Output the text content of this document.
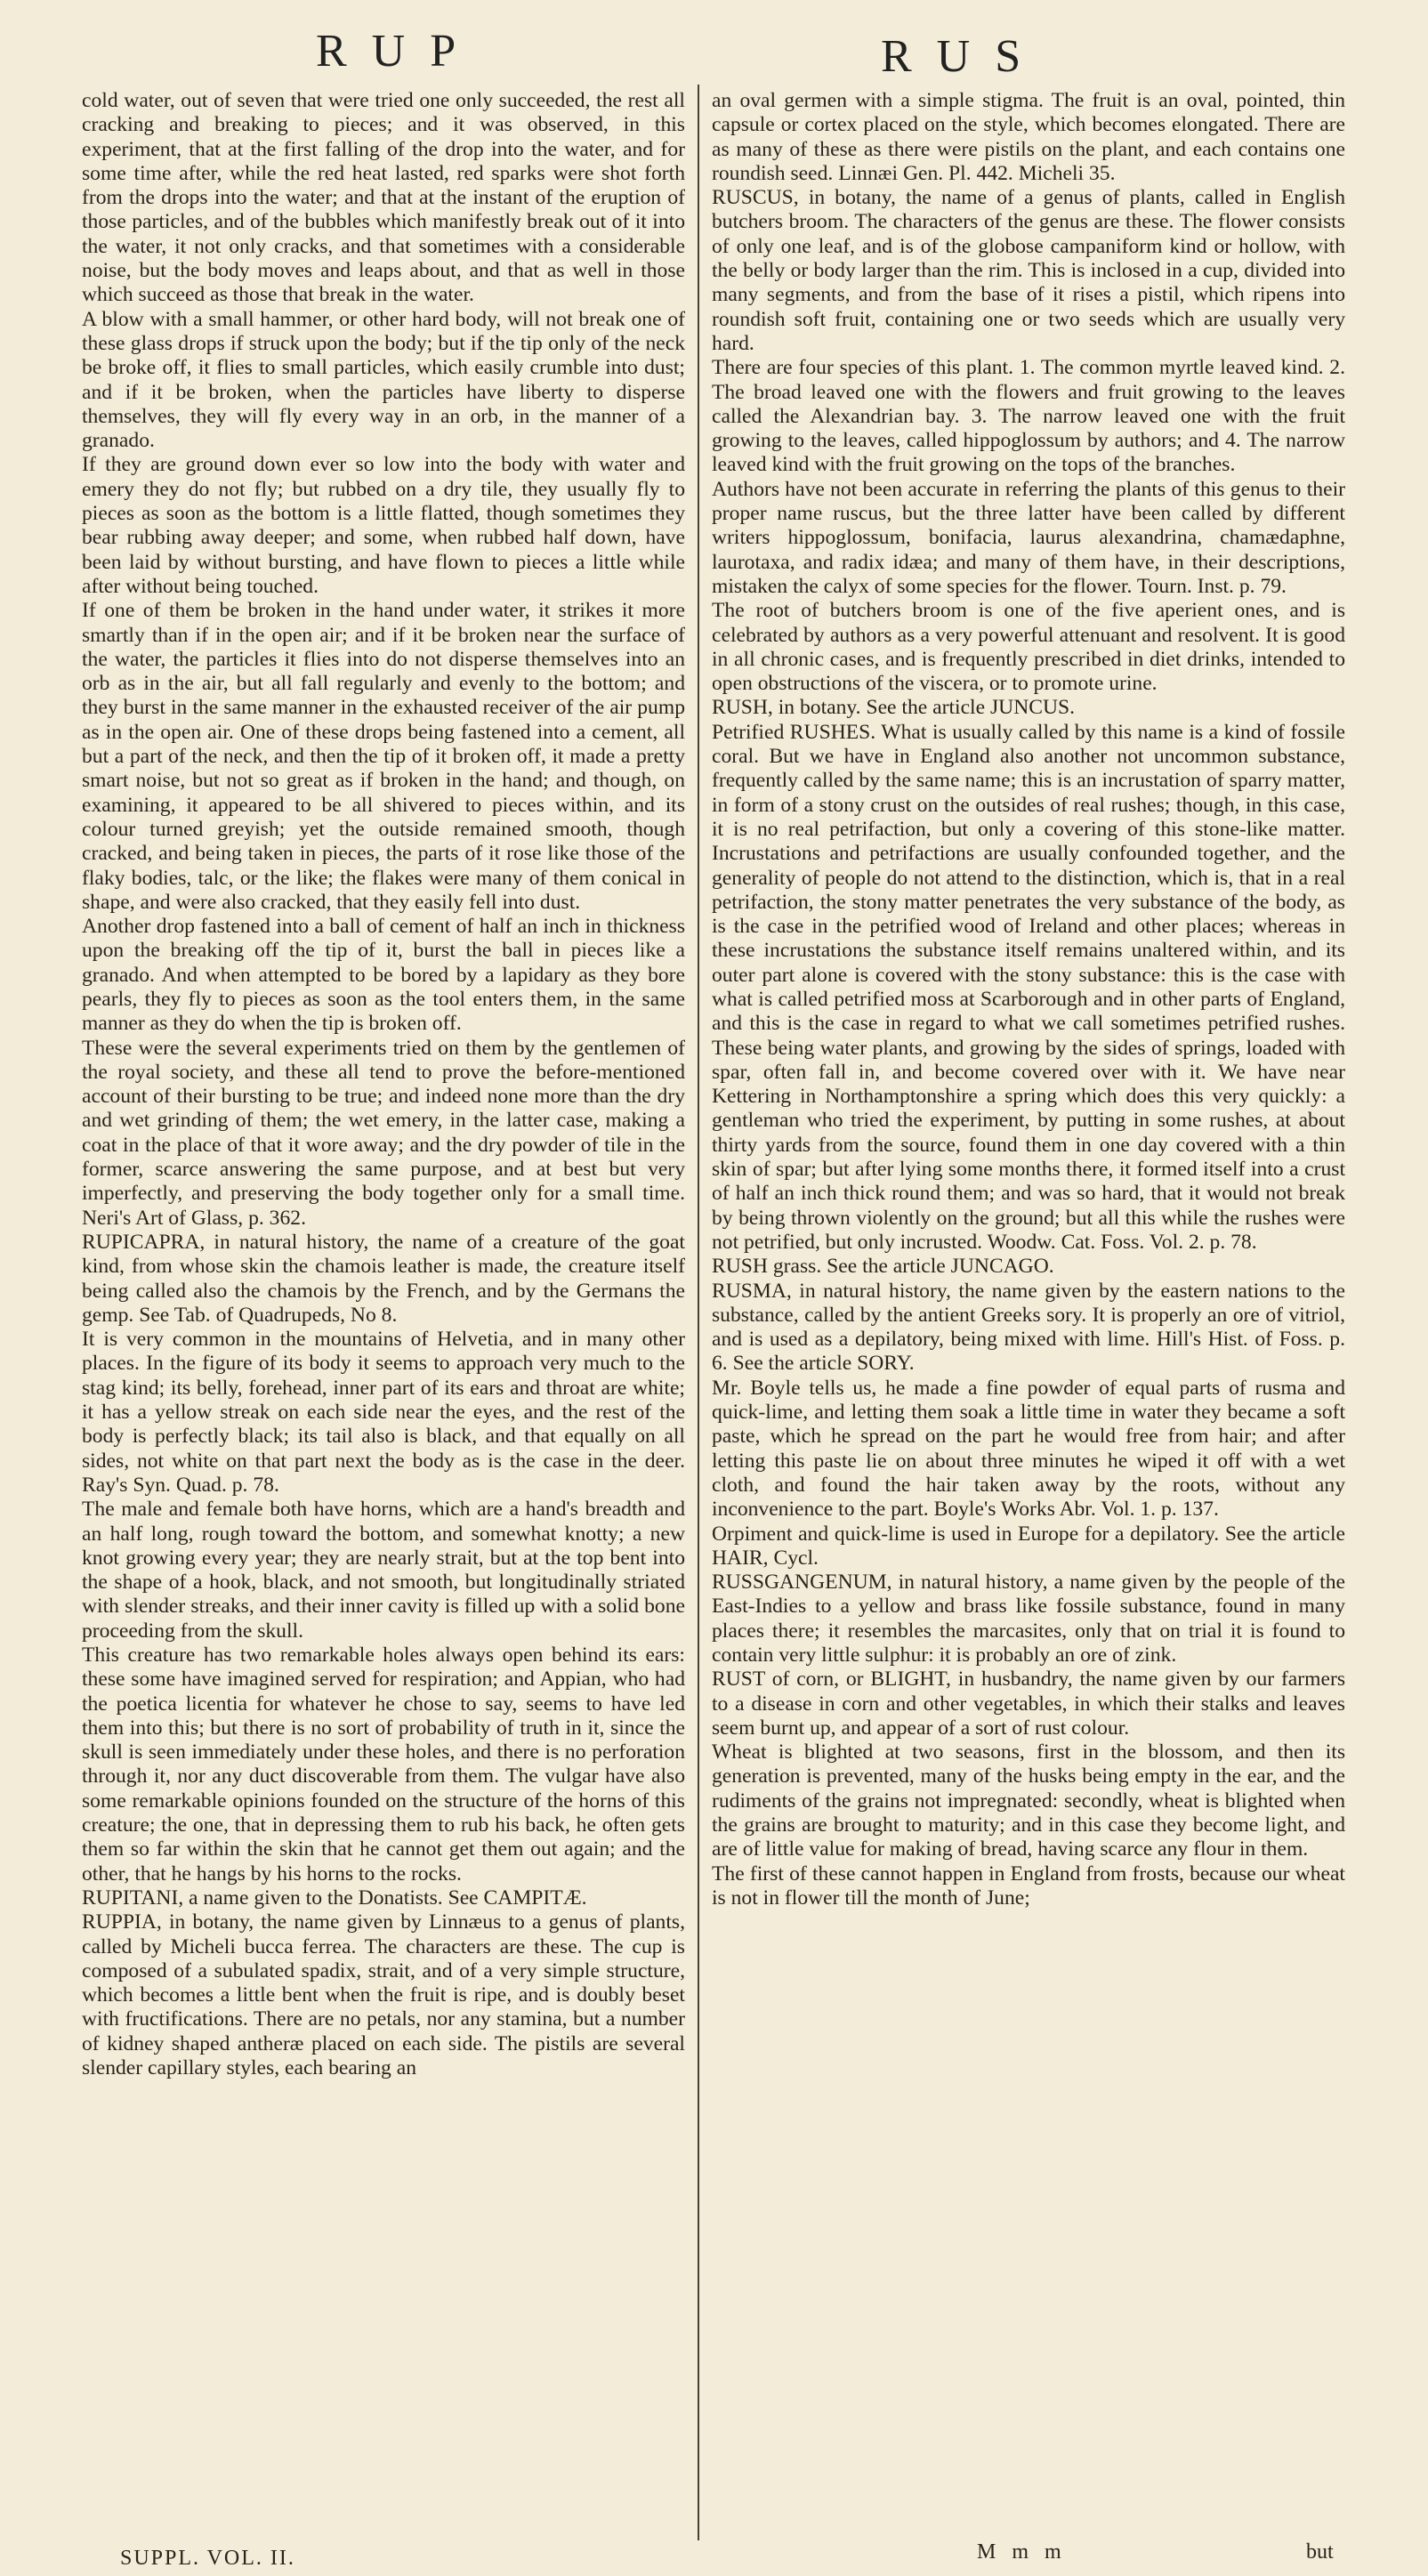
RUP	RUS

cold water, out of seven that were tried one only succeeded, the rest all cracking and breaking to pieces; and it was observed, in this experiment, that at the first falling of the drop into the water, and for some time after, while the red heat lasted, red sparks were shot forth from the drops into the water; and that at the instant of the eruption of those particles, and of the bubbles which manifestly break out of it into the water, it not only cracks, and that sometimes with a considerable noise, but the body moves and leaps about, and that as well in those which succeed as those that break in the water.

A blow with a small hammer, or other hard body, will not break one of these glass drops if struck upon the body; but if the tip only of the neck be broke off, it flies to small particles, which easily crumble into dust; and if it be broken, when the particles have liberty to disperse themselves, they will fly every way in an orb, in the manner of a granado.

If they are ground down ever so low into the body with water and emery they do not fly; but rubbed on a dry tile, they usually fly to pieces as soon as the bottom is a little flatted, though sometimes they bear rubbing away deeper; and some, when rubbed half down, have been laid by without bursting, and have flown to pieces a little while after without being touched.

If one of them be broken in the hand under water, it strikes it more smartly than if in the open air; and if it be broken near the surface of the water, the particles it flies into do not disperse themselves into an orb as in the air, but all fall regularly and evenly to the bottom; and they burst in the same manner in the exhausted receiver of the air pump as in the open air. One of these drops being fastened into a cement, all but a part of the neck, and then the tip of it broken off, it made a pretty smart noise, but not so great as if broken in the hand; and though, on examining, it appeared to be all shivered to pieces within, and its colour turned greyish; yet the outside remained smooth, though cracked, and being taken in pieces, the parts of it rose like those of the flaky bodies, talc, or the like; the flakes were many of them conical in shape, and were also cracked, that they easily fell into dust.

Another drop fastened into a ball of cement of half an inch in thickness upon the breaking off the tip of it, burst the ball in pieces like a granado. And when attempted to be bored by a lapidary as they bore pearls, they fly to pieces as soon as the tool enters them, in the same manner as they do when the tip is broken off.

These were the several experiments tried on them by the gentlemen of the royal society, and these all tend to prove the before-mentioned account of their bursting to be true; and indeed none more than the dry and wet grinding of them; the wet emery, in the latter case, making a coat in the place of that it wore away; and the dry powder of tile in the former, scarce answering the same purpose, and at best but very imperfectly, and preserving the body together only for a small time. Neri's Art of Glass, p. 362.

RUPICAPRA, in natural history, the name of a creature of the goat kind, from whose skin the chamois leather is made, the creature itself being called also the chamois by the French, and by the Germans the gemp. See Tab. of Quadrupeds, No 8.

It is very common in the mountains of Helvetia, and in many other places. In the figure of its body it seems to approach very much to the stag kind; its belly, forehead, inner part of its ears and throat are white; it has a yellow streak on each side near the eyes, and the rest of the body is perfectly black; its tail also is black, and that equally on all sides, not white on that part next the body as is the case in the deer. Ray's Syn. Quad. p. 78.

The male and female both have horns, which are a hand's breadth and an half long, rough toward the bottom, and somewhat knotty; a new knot growing every year; they are nearly strait, but at the top bent into the shape of a hook, black, and not smooth, but longitudinally striated with slender streaks, and their inner cavity is filled up with a solid bone proceeding from the skull.

This creature has two remarkable holes always open behind its ears: these some have imagined served for respiration; and Appian, who had the poetica licentia for whatever he chose to say, seems to have led them into this; but there is no sort of probability of truth in it, since the skull is seen immediately under these holes, and there is no perforation through it, nor any duct discoverable from them. The vulgar have also some remarkable opinions founded on the structure of the horns of this creature; the one, that in depressing them to rub his back, he often gets them so far within the skin that he cannot get them out again; and the other, that he hangs by his horns to the rocks.

RUPITANI, a name given to the Donatists. See CAMPITÆ.

RUPPIA, in botany, the name given by Linnæus to a genus of plants, called by Micheli bucca ferrea. The characters are these. The cup is composed of a subulated spadix, strait, and of a very simple structure, which becomes a little bent when the fruit is ripe, and is doubly beset with fructifications. There are no petals, nor any stamina, but a number of kidney shaped antheræ placed on each side. The pistils are several slender capillary styles, each bearing an

an oval germen with a simple stigma. The fruit is an oval, pointed, thin capsule or cortex placed on the style, which becomes elongated. There are as many of these as there were pistils on the plant, and each contains one roundish seed. Linnæi Gen. Pl. 442. Micheli 35.

RUSCUS, in botany, the name of a genus of plants, called in English butchers broom. The characters of the genus are these. The flower consists of only one leaf, and is of the globose campaniform kind or hollow, with the belly or body larger than the rim. This is inclosed in a cup, divided into many segments, and from the base of it rises a pistil, which ripens into roundish soft fruit, containing one or two seeds which are usually very hard.

There are four species of this plant. 1. The common myrtle leaved kind. 2. The broad leaved one with the flowers and fruit growing to the leaves called the Alexandrian bay. 3. The narrow leaved one with the fruit growing to the leaves, called hippoglossum by authors; and 4. The narrow leaved kind with the fruit growing on the tops of the branches.

Authors have not been accurate in referring the plants of this genus to their proper name ruscus, but the three latter have been called by different writers hippoglossum, bonifacia, laurus alexandrina, chamædaphne, laurotaxa, and radix idæa; and many of them have, in their descriptions, mistaken the calyx of some species for the flower. Tourn. Inst. p. 79.

The root of butchers broom is one of the five aperient ones, and is celebrated by authors as a very powerful attenuant and resolvent. It is good in all chronic cases, and is frequently prescribed in diet drinks, intended to open obstructions of the viscera, or to promote urine.

RUSH, in botany. See the article JUNCUS.

Petrified RUSHES. What is usually called by this name is a kind of fossile coral. But we have in England also another not uncommon substance, frequently called by the same name; this is an incrustation of sparry matter, in form of a stony crust on the outsides of real rushes; though, in this case, it is no real petrifaction, but only a covering of this stone-like matter. Incrustations and petrifactions are usually confounded together, and the generality of people do not attend to the distinction, which is, that in a real petrifaction, the stony matter penetrates the very substance of the body, as is the case in the petrified wood of Ireland and other places; whereas in these incrustations the substance itself remains unaltered within, and its outer part alone is covered with the stony substance: this is the case with what is called petrified moss at Scarborough and in other parts of England, and this is the case in regard to what we call sometimes petrified rushes. These being water plants, and growing by the sides of springs, loaded with spar, often fall in, and become covered over with it. We have near Kettering in Northamptonshire a spring which does this very quickly: a gentleman who tried the experiment, by putting in some rushes, at about thirty yards from the source, found them in one day covered with a thin skin of spar; but after lying some months there, it formed itself into a crust of half an inch thick round them; and was so hard, that it would not break by being thrown violently on the ground; but all this while the rushes were not petrified, but only incrusted. Woodw. Cat. Foss. Vol. 2. p. 78.

RUSH grass. See the article JUNCAGO.

RUSMA, in natural history, the name given by the eastern nations to the substance, called by the antient Greeks sory. It is properly an ore of vitriol, and is used as a depilatory, being mixed with lime. Hill's Hist. of Foss. p. 6. See the article SORY.

Mr. Boyle tells us, he made a fine powder of equal parts of rusma and quick-lime, and letting them soak a little time in water they became a soft paste, which he spread on the part he would free from hair; and after letting this paste lie on about three minutes he wiped it off with a wet cloth, and found the hair taken away by the roots, without any inconvenience to the part. Boyle's Works Abr. Vol. 1. p. 137.

Orpiment and quick-lime is used in Europe for a depilatory. See the article HAIR, Cycl.

RUSSGANGENUM, in natural history, a name given by the people of the East-Indies to a yellow and brass like fossile substance, found in many places there; it resembles the marcasites, only that on trial it is found to contain very little sulphur: it is probably an ore of zink.

RUST of corn, or BLIGHT, in husbandry, the name given by our farmers to a disease in corn and other vegetables, in which their stalks and leaves seem burnt up, and appear of a sort of rust colour.

Wheat is blighted at two seasons, first in the blossom, and then its generation is prevented, many of the husks being empty in the ear, and the rudiments of the grains not impregnated: secondly, wheat is blighted when the grains are brought to maturity; and in this case they become light, and are of little value for making of bread, having scarce any flour in them.

The first of these cannot happen in England from frosts, because our wheat is not in flower till the month of June;

SUPPL. VOL. II.	M m m	but
